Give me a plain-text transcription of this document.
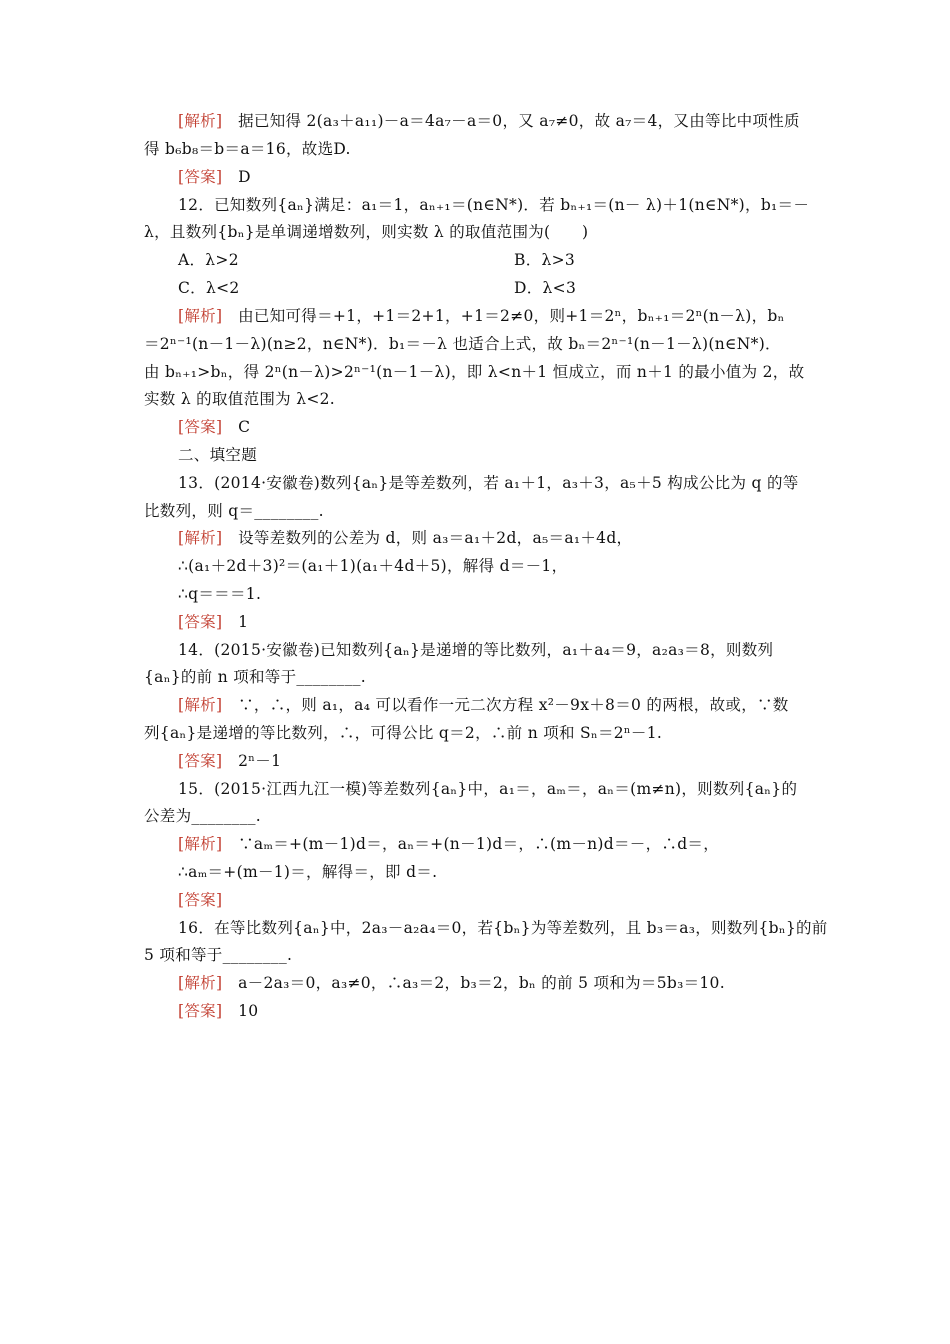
[解析]　据已知得 2(a₃＋a₁₁)－a＝4a₇－a＝0，又 a₇≠0，故 a₇＝4，又由等比中项性质
得 b₆b₈＝b＝a＝16，故选D.
[答案]　D
12．已知数列{aₙ}满足：a₁＝1，aₙ₊₁＝(n∈N*)．若 bₙ₊₁＝(n－ λ)＋1(n∈N*)，b₁＝－
λ，且数列{bₙ}是单调递增数列，则实数 λ 的取值范围为(　　)
A．λ>2	B．λ>3
C．λ<2	D．λ<3
[解析]　由已知可得＝+1，+1＝2+1，+1＝2≠0，则+1＝2ⁿ，bₙ₊₁＝2ⁿ(n－λ)，bₙ
＝2ⁿ⁻¹(n－1－λ)(n≥2，n∈N*)．b₁＝－λ 也适合上式，故 bₙ＝2ⁿ⁻¹(n－1－λ)(n∈N*)．
由 bₙ₊₁>bₙ，得 2ⁿ(n－λ)>2ⁿ⁻¹(n－1－λ)，即 λ<n＋1 恒成立，而 n＋1 的最小值为 2，故
实数 λ 的取值范围为 λ<2.
[答案]　C
二、填空题
13．(2014·安徽卷)数列{aₙ}是等差数列，若 a₁＋1，a₃＋3，a₅＋5 构成公比为 q 的等
比数列，则 q＝________.
[解析]　设等差数列的公差为 d，则 a₃＝a₁＋2d，a₅＝a₁＋4d，
∴(a₁＋2d＋3)²＝(a₁＋1)(a₁＋4d＋5)，解得 d＝－1，
∴q＝＝＝1.
[答案]　1
14．(2015·安徽卷)已知数列{aₙ}是递增的等比数列，a₁＋a₄＝9，a₂a₃＝8，则数列
{aₙ}的前 n 项和等于________.
[解析]　∵，∴，则 a₁，a₄ 可以看作一元二次方程 x²－9x＋8＝0 的两根，故或，∵数
列{aₙ}是递增的等比数列，∴，可得公比 q＝2，∴前 n 项和 Sₙ＝2ⁿ－1.
[答案]　2ⁿ－1
15．(2015·江西九江一模)等差数列{aₙ}中，a₁＝，aₘ＝，aₙ＝(m≠n)，则数列{aₙ}的
公差为________.
[解析]　∵aₘ＝+(m－1)d＝，aₙ＝+(n－1)d＝，∴(m－n)d＝－，∴d＝，
∴aₘ＝+(m－1)＝，解得＝，即 d＝.
[答案]
16．在等比数列{aₙ}中，2a₃－a₂a₄＝0，若{bₙ}为等差数列，且 b₃＝a₃，则数列{bₙ}的前
5 项和等于________.
[解析]　a－2a₃＝0，a₃≠0，∴a₃＝2，b₃＝2，bₙ 的前 5 项和为＝5b₃＝10.
[答案]　10
